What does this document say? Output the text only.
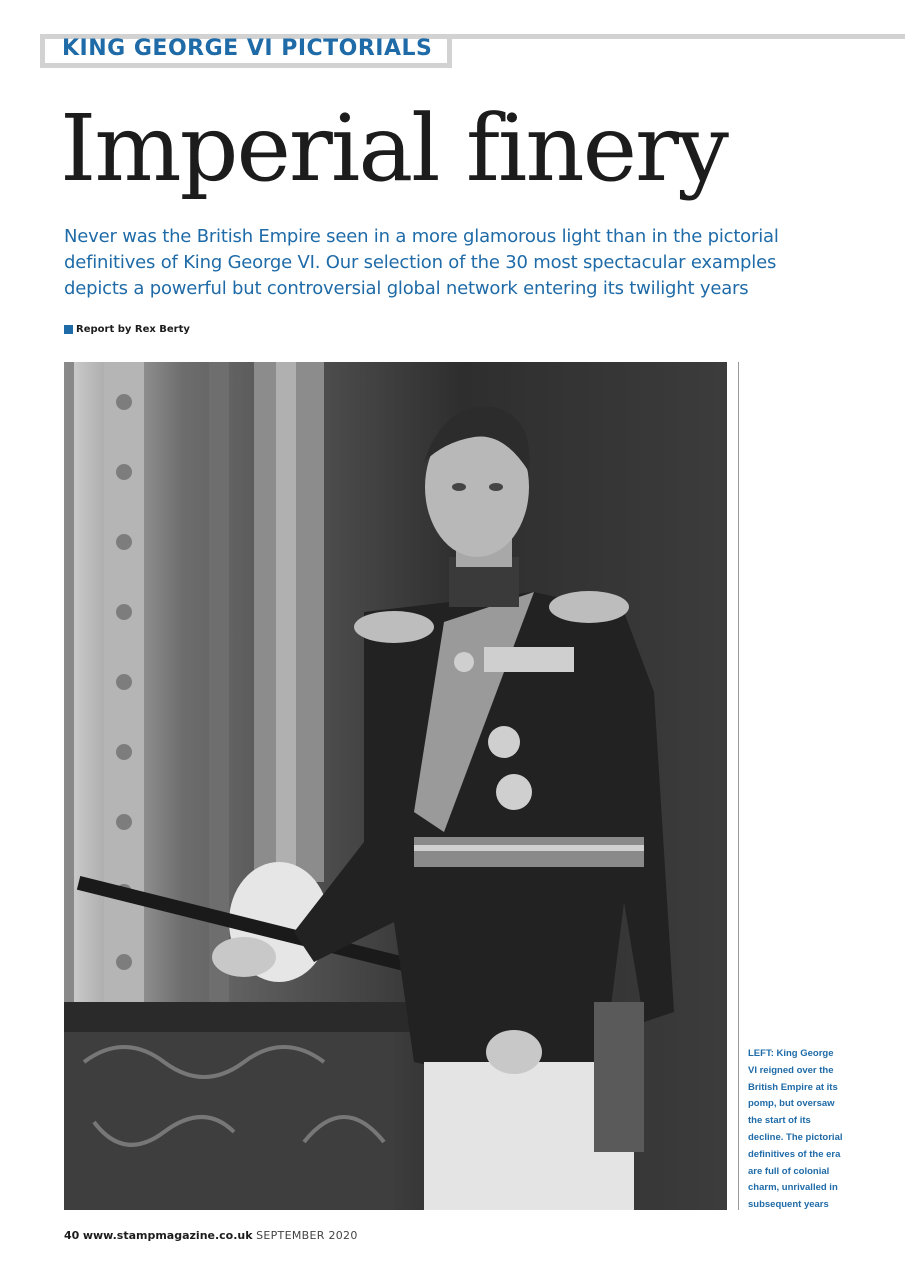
KING GEORGE VI PICTORIALS
Imperial finery

Never was the British Empire seen in a more glamorous light than in the pictorial definitives of King George VI. Our selection of the 30 most spectacular examples depicts a powerful but controversial global network entering its twilight years

Report by Rex Berty

LEFT: King George VI reigned over the British Empire at its pomp, but oversaw the start of its decline. The pictorial definitives of the era are full of colonial charm, unrivalled in subsequent years

40 www.stampmagazine.co.uk SEPTEMBER 2020
